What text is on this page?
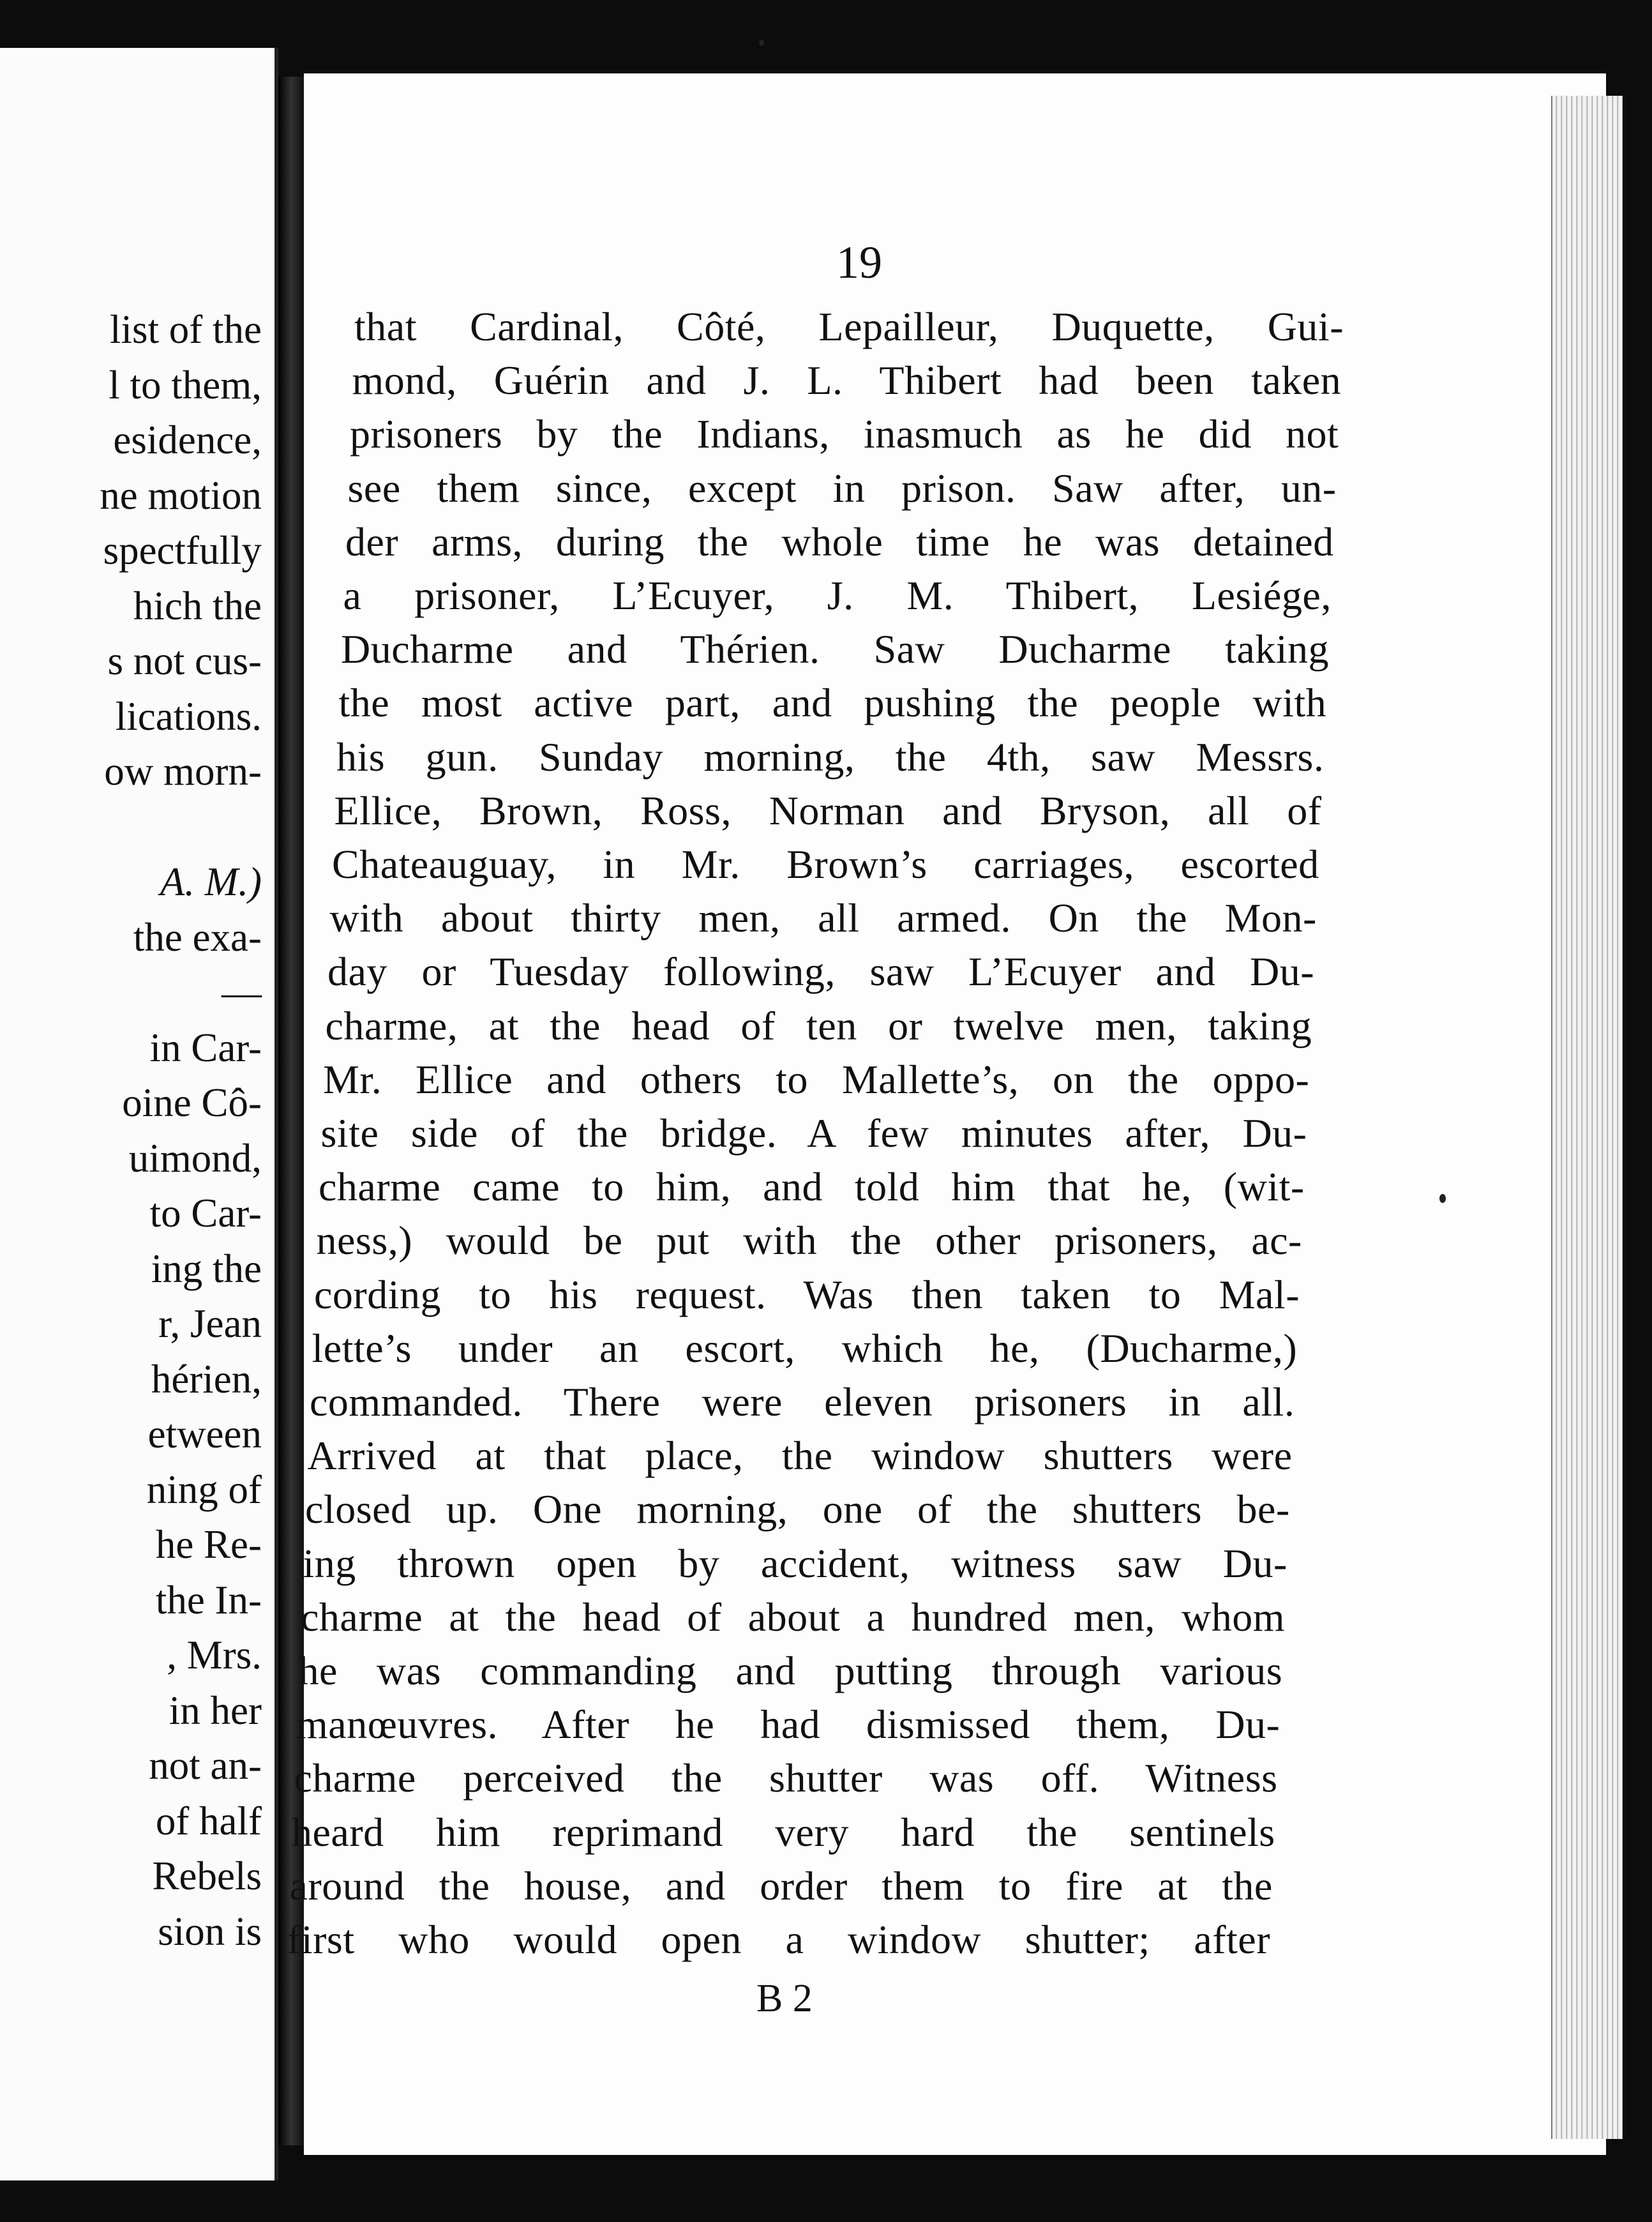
list of the
l to them,
esidence,
ne motion
spectfully
hich the
s not cus-
lications.
ow morn-
A. M.)
the exa-
—
in Car-
oine Cô-
uimond,
to Car-
ing the
r, Jean
hérien,
etween
ning of
he Re-
the In-
, Mrs.
in her
not an-
of half
Rebels
sion is
19
that Cardinal, Côté, Lepailleur, Duquette, Gui-
mond, Guérin and J. L. Thibert had been taken
prisoners by the Indians, inasmuch as he did not
see them since, except in prison. Saw after, un-
der arms, during the whole time he was detained
a prisoner, L’Ecuyer, J. M. Thibert, Lesiége,
Ducharme and Thérien. Saw Ducharme taking
the most active part, and pushing the people with
his gun. Sunday morning, the 4th, saw Messrs.
Ellice, Brown, Ross, Norman and Bryson, all of
Chateauguay, in Mr. Brown’s carriages, escorted
with about thirty men, all armed. On the Mon-
day or Tuesday following, saw L’Ecuyer and Du-
charme, at the head of ten or twelve men, taking
Mr. Ellice and others to Mallette’s, on the oppo-
site side of the bridge. A few minutes after, Du-
charme came to him, and told him that he, (wit-
ness,) would be put with the other prisoners, ac-
cording to his request. Was then taken to Mal-
lette’s under an escort, which he, (Ducharme,)
commanded. There were eleven prisoners in all.
Arrived at that place, the window shutters were
closed up. One morning, one of the shutters be-
ing thrown open by accident, witness saw Du-
charme at the head of about a hundred men, whom
he was commanding and putting through various
manœuvres. After he had dismissed them, Du-
charme perceived the shutter was off. Witness
heard him reprimand very hard the sentinels
around the house, and order them to fire at the
first who would open a window shutter; after
B 2
